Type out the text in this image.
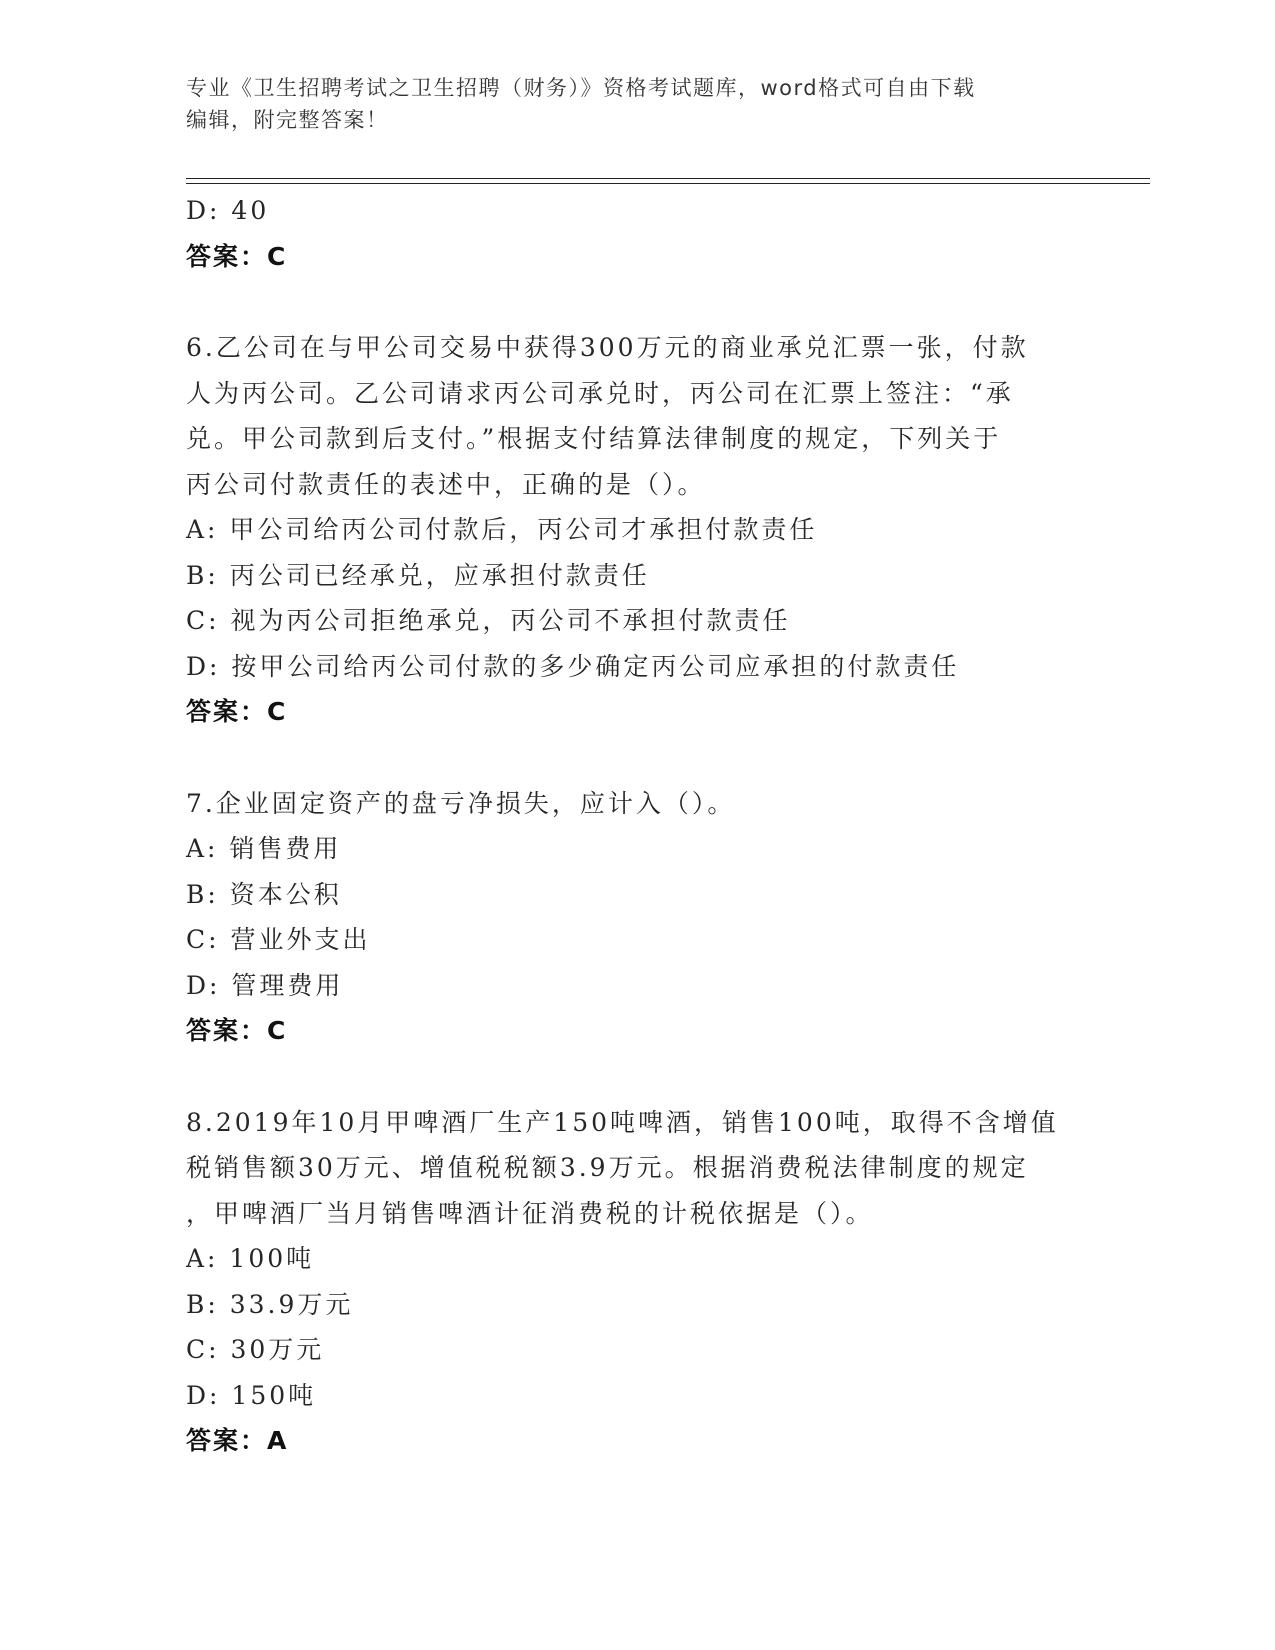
专业《卫生招聘考试之卫生招聘（财务）》资格考试题库，word格式可自由下载
编辑，附完整答案！
D: 40
答案：C
6.乙公司在与甲公司交易中获得300万元的商业承兑汇票一张，付款
人为丙公司。乙公司请求丙公司承兑时，丙公司在汇票上签注：“承
兑。甲公司款到后支付。”根据支付结算法律制度的规定，下列关于
丙公司付款责任的表述中，正确的是（）。
A: 甲公司给丙公司付款后，丙公司才承担付款责任
B: 丙公司已经承兑，应承担付款责任
C: 视为丙公司拒绝承兑，丙公司不承担付款责任
D: 按甲公司给丙公司付款的多少确定丙公司应承担的付款责任
答案：C
7.企业固定资产的盘亏净损失，应计入（）。
A: 销售费用
B: 资本公积
C: 营业外支出
D: 管理费用
答案：C
8.2019年10月甲啤酒厂生产150吨啤酒，销售100吨，取得不含增值
税销售额30万元、增值税税额3.9万元。根据消费税法律制度的规定
，甲啤酒厂当月销售啤酒计征消费税的计税依据是（）。
A: 100吨
B: 33.9万元
C: 30万元
D: 150吨
答案：A
